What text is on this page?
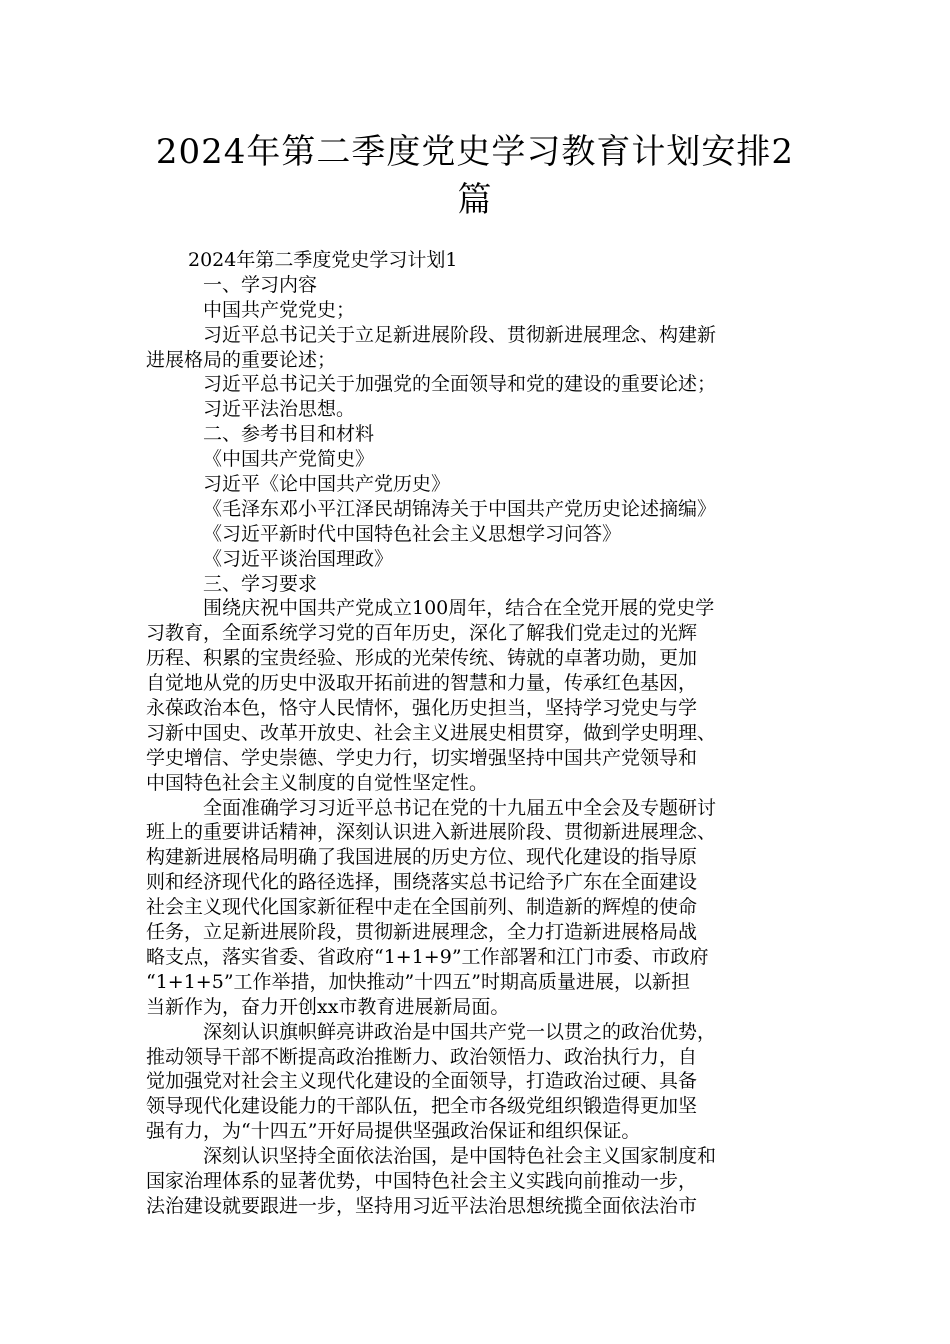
2024年第二季度党史学习教育计划安排2
篇
2024年第二季度党史学习计划1
一、学习内容
中国共产党党史；
习近平总书记关于立足新进展阶段、贯彻新进展理念、构建新
进展格局的重要论述；
习近平总书记关于加强党的全面领导和党的建设的重要论述；
习近平法治思想。
二、参考书目和材料
《中国共产党简史》
习近平《论中国共产党历史》
《毛泽东邓小平江泽民胡锦涛关于中国共产党历史论述摘编》
《习近平新时代中国特色社会主义思想学习问答》
《习近平谈治国理政》
三、学习要求
围绕庆祝中国共产党成立100周年，结合在全党开展的党史学
习教育，全面系统学习党的百年历史，深化了解我们党走过的光辉
历程、积累的宝贵经验、形成的光荣传统、铸就的卓著功勋，更加
自觉地从党的历史中汲取开拓前进的智慧和力量，传承红色基因，
永葆政治本色，恪守人民情怀，强化历史担当，坚持学习党史与学
习新中国史、改革开放史、社会主义进展史相贯穿，做到学史明理、
学史增信、学史崇德、学史力行，切实增强坚持中国共产党领导和
中国特色社会主义制度的自觉性坚定性。
全面准确学习习近平总书记在党的十九届五中全会及专题研讨
班上的重要讲话精神，深刻认识进入新进展阶段、贯彻新进展理念、
构建新进展格局明确了我国进展的历史方位、现代化建设的指导原
则和经济现代化的路径选择，围绕落实总书记给予广东在全面建设
社会主义现代化国家新征程中走在全国前列、制造新的辉煌的使命
任务，立足新进展阶段，贯彻新进展理念，全力打造新进展格局战
略支点，落实省委、省政府“1+1+9”工作部署和江门市委、市政府
“1+1+5”工作举措，加快推动”十四五”时期高质量进展，以新担
当新作为，奋力开创xx市教育进展新局面。
深刻认识旗帜鲜亮讲政治是中国共产党一以贯之的政治优势，
推动领导干部不断提高政治推断力、政治领悟力、政治执行力，自
觉加强党对社会主义现代化建设的全面领导，打造政治过硬、具备
领导现代化建设能力的干部队伍，把全市各级党组织锻造得更加坚
强有力，为“十四五”开好局提供坚强政治保证和组织保证。
深刻认识坚持全面依法治国，是中国特色社会主义国家制度和
国家治理体系的显著优势，中国特色社会主义实践向前推动一步，
法治建设就要跟进一步，坚持用习近平法治思想统揽全面依法治市
